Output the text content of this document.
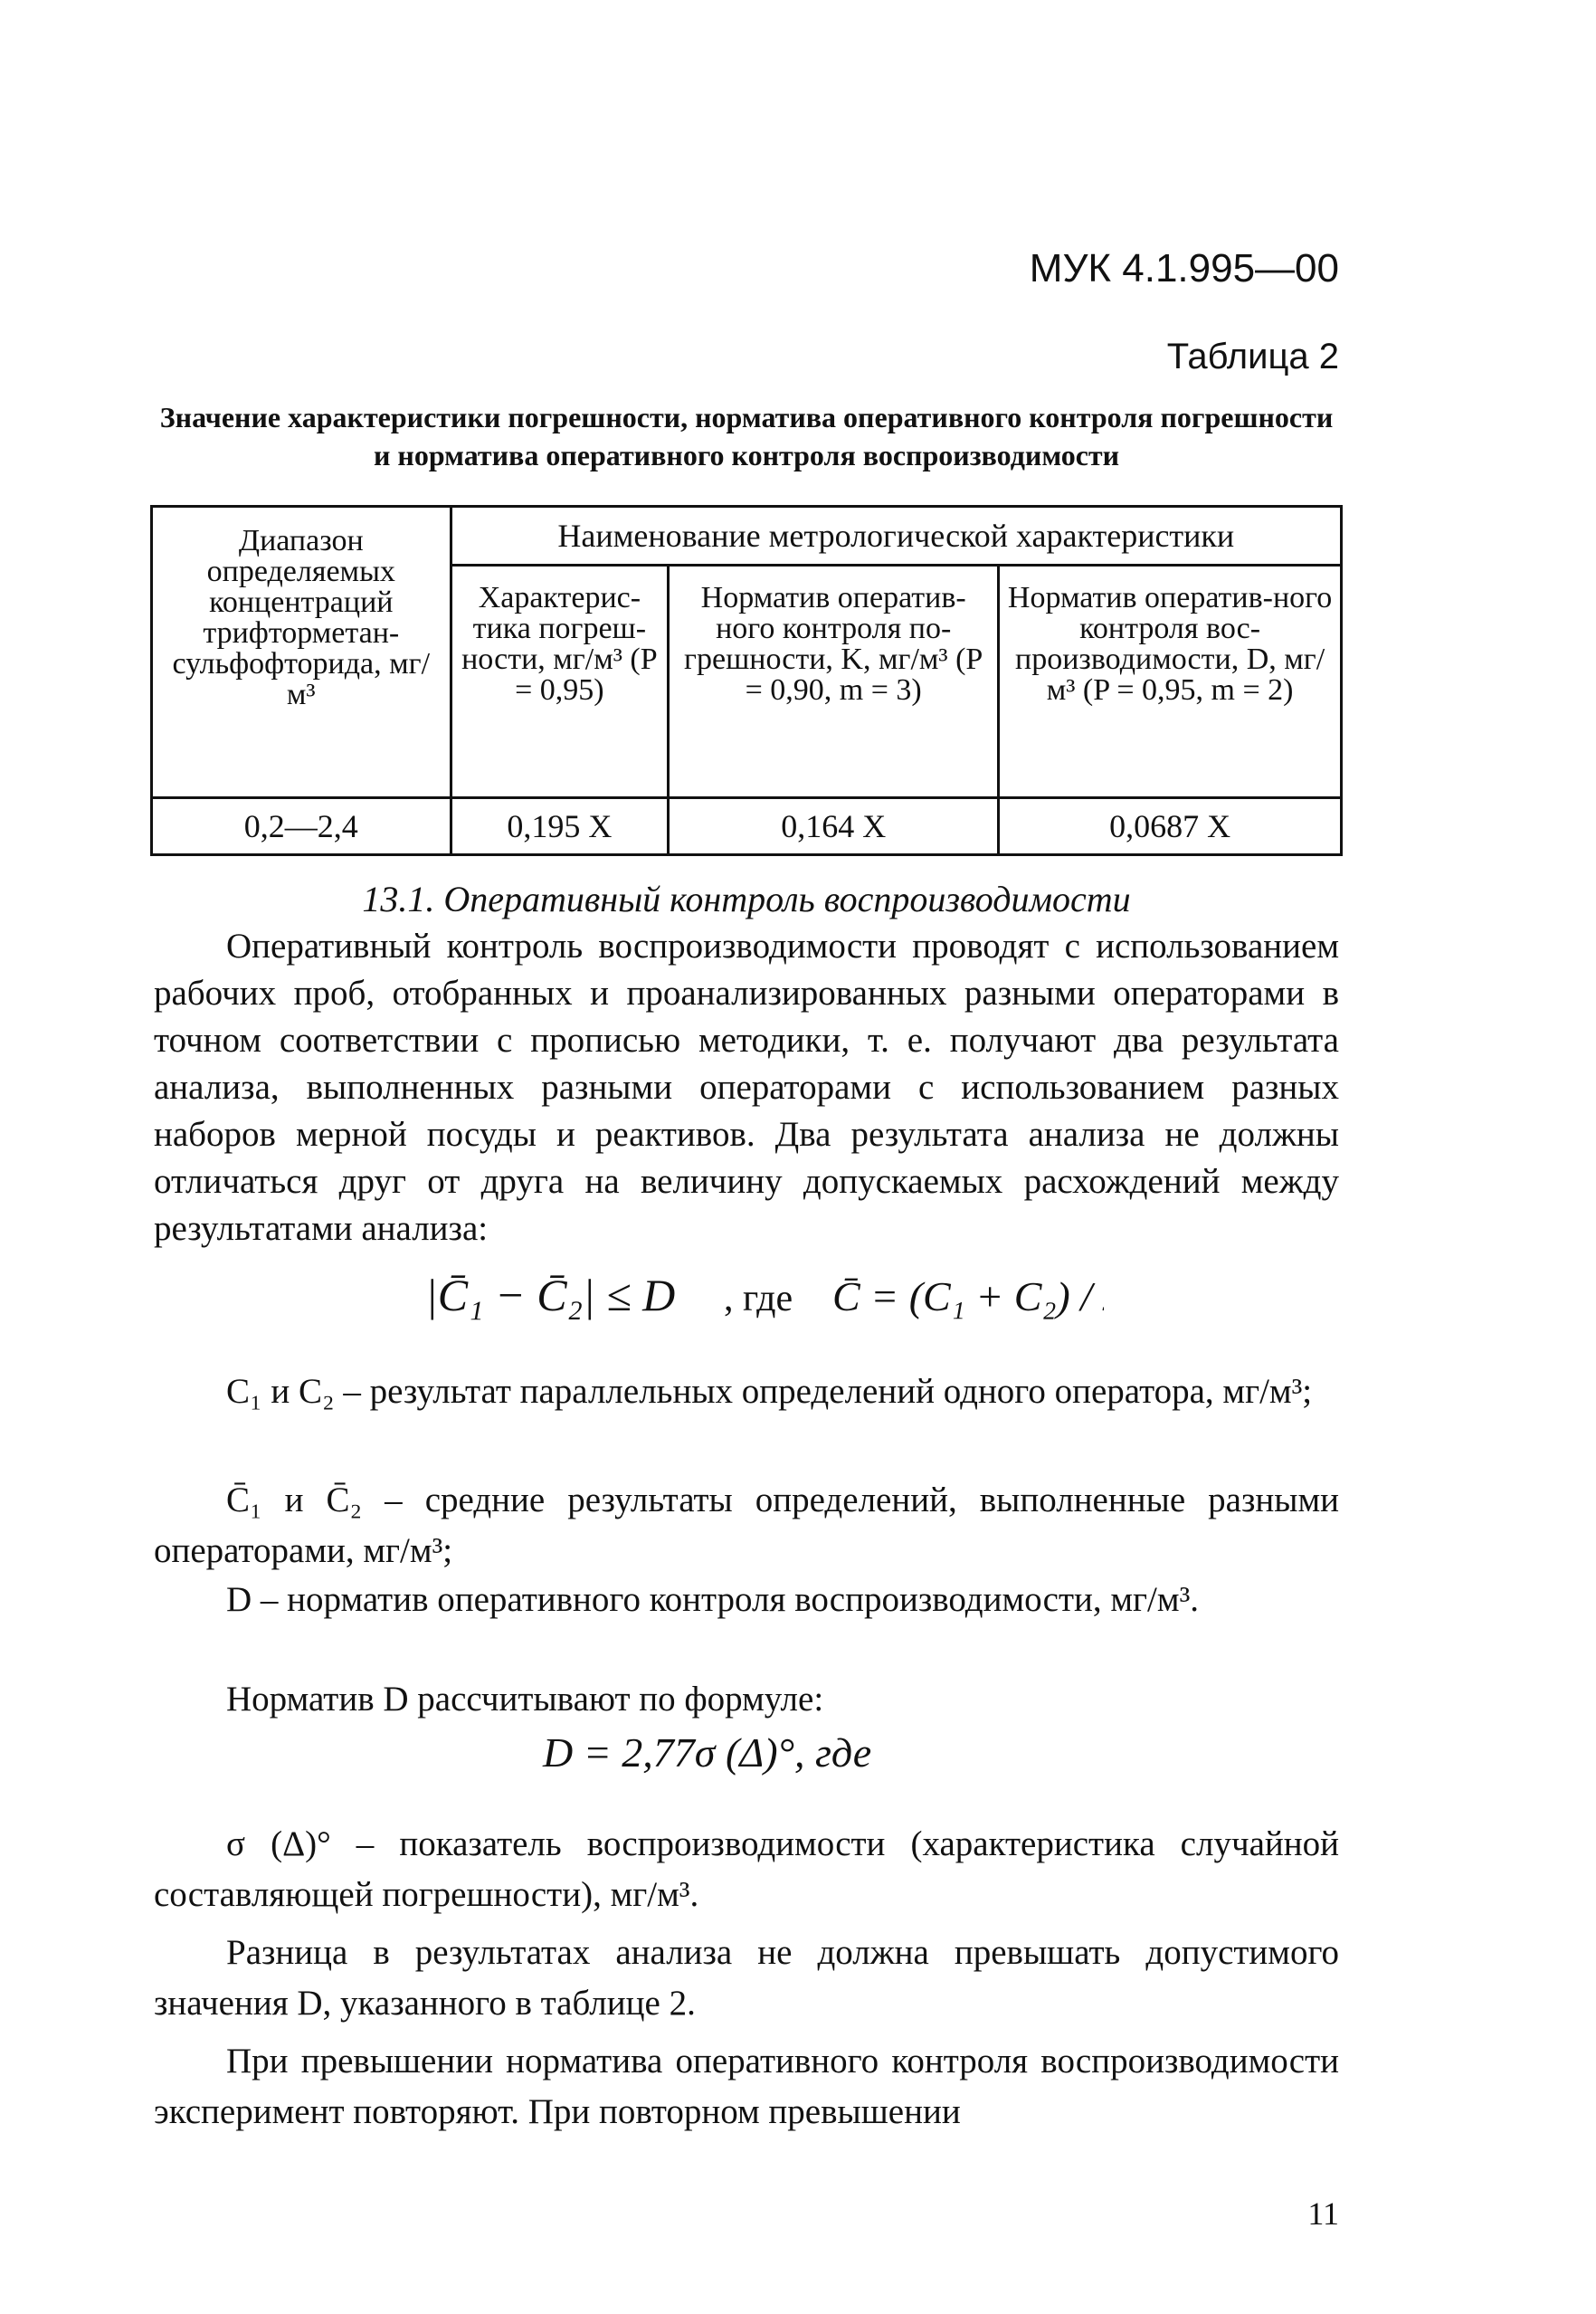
МУК 4.1.995—00
Таблица 2
Значение характеристики погрешности, норматива оперативного контроля погрешности и норматива оперативного контроля воспроизводимости
Диапазон определяемых концентраций трифторметан-сульфофторида, мг/м³	Наименование метрологической характеристики		
	Характерис-тика погреш-ности, мг/м³ (P = 0,95)	Норматив оператив-ного контроля по-грешности, K, мг/м³ (P = 0,90, m = 3)	Норматив оператив-ного контроля вос-производимости, D, мг/м³ (P = 0,95, m = 2)
0,2—2,4	0,195 X	0,164 X	0,0687 X
13.1. Оперативный контроль воспроизводимости
Оперативный контроль воспроизводимости проводят с использованием рабочих проб, отобранных и проанализированных разными операторами в точном соответствии с прописью методики, т. е. получают два результата анализа, выполненных разными операторами с использованием разных наборов мерной посуды и реактивов. Два результата анализа не должны отличаться друг от друга на величину допускаемых расхождений между результатами анализа:
|C̄₁ − C̄₂| ≤ D , где C̄ = (C₁ + C₂) / 2
C₁ и C₂ – результат параллельных определений одного оператора, мг/м³;
C̄₁ и C̄₂ – средние результаты определений, выполненные разными операторами, мг/м³;
D – норматив оперативного контроля воспроизводимости, мг/м³.
Норматив D рассчитывают по формуле:
D = 2,77σ (Δ)°, где
σ (Δ)° – показатель воспроизводимости (характеристика случайной составляющей погрешности), мг/м³.
Разница в результатах анализа не должна превышать допустимого значения D, указанного в таблице 2.
При превышении норматива оперативного контроля воспроизводимости эксперимент повторяют. При повторном превышении
11
